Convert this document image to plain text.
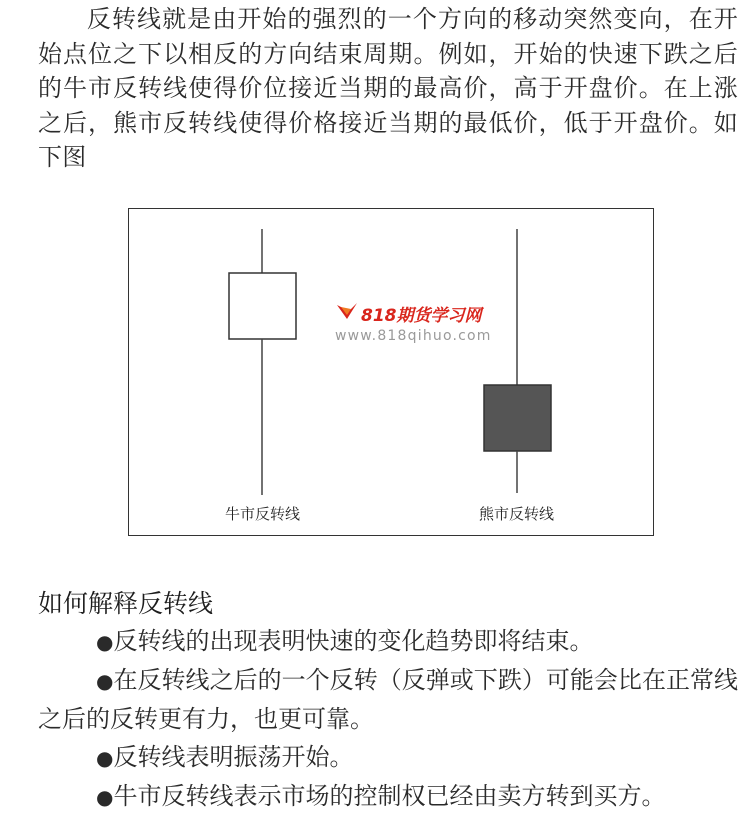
反转线就是由开始的强烈的一个方向的移动突然变向，在开始点位之下以相反的方向结束周期。例如，开始的快速下跌之后的牛市反转线使得价位接近当期的最高价，高于开盘价。在上涨之后，熊市反转线使得价格接近当期的最低价，低于开盘价。如下图
818期货学习网
www.818qihuo.com
牛市反转线	熊市反转线
如何解释反转线

●反转线的出现表明快速的变化趋势即将结束。

●在反转线之后的一个反转（反弹或下跌）可能会比在正常线之后的反转更有力，也更可靠。

●反转线表明振荡开始。

●牛市反转线表示市场的控制权已经由卖方转到买方。
